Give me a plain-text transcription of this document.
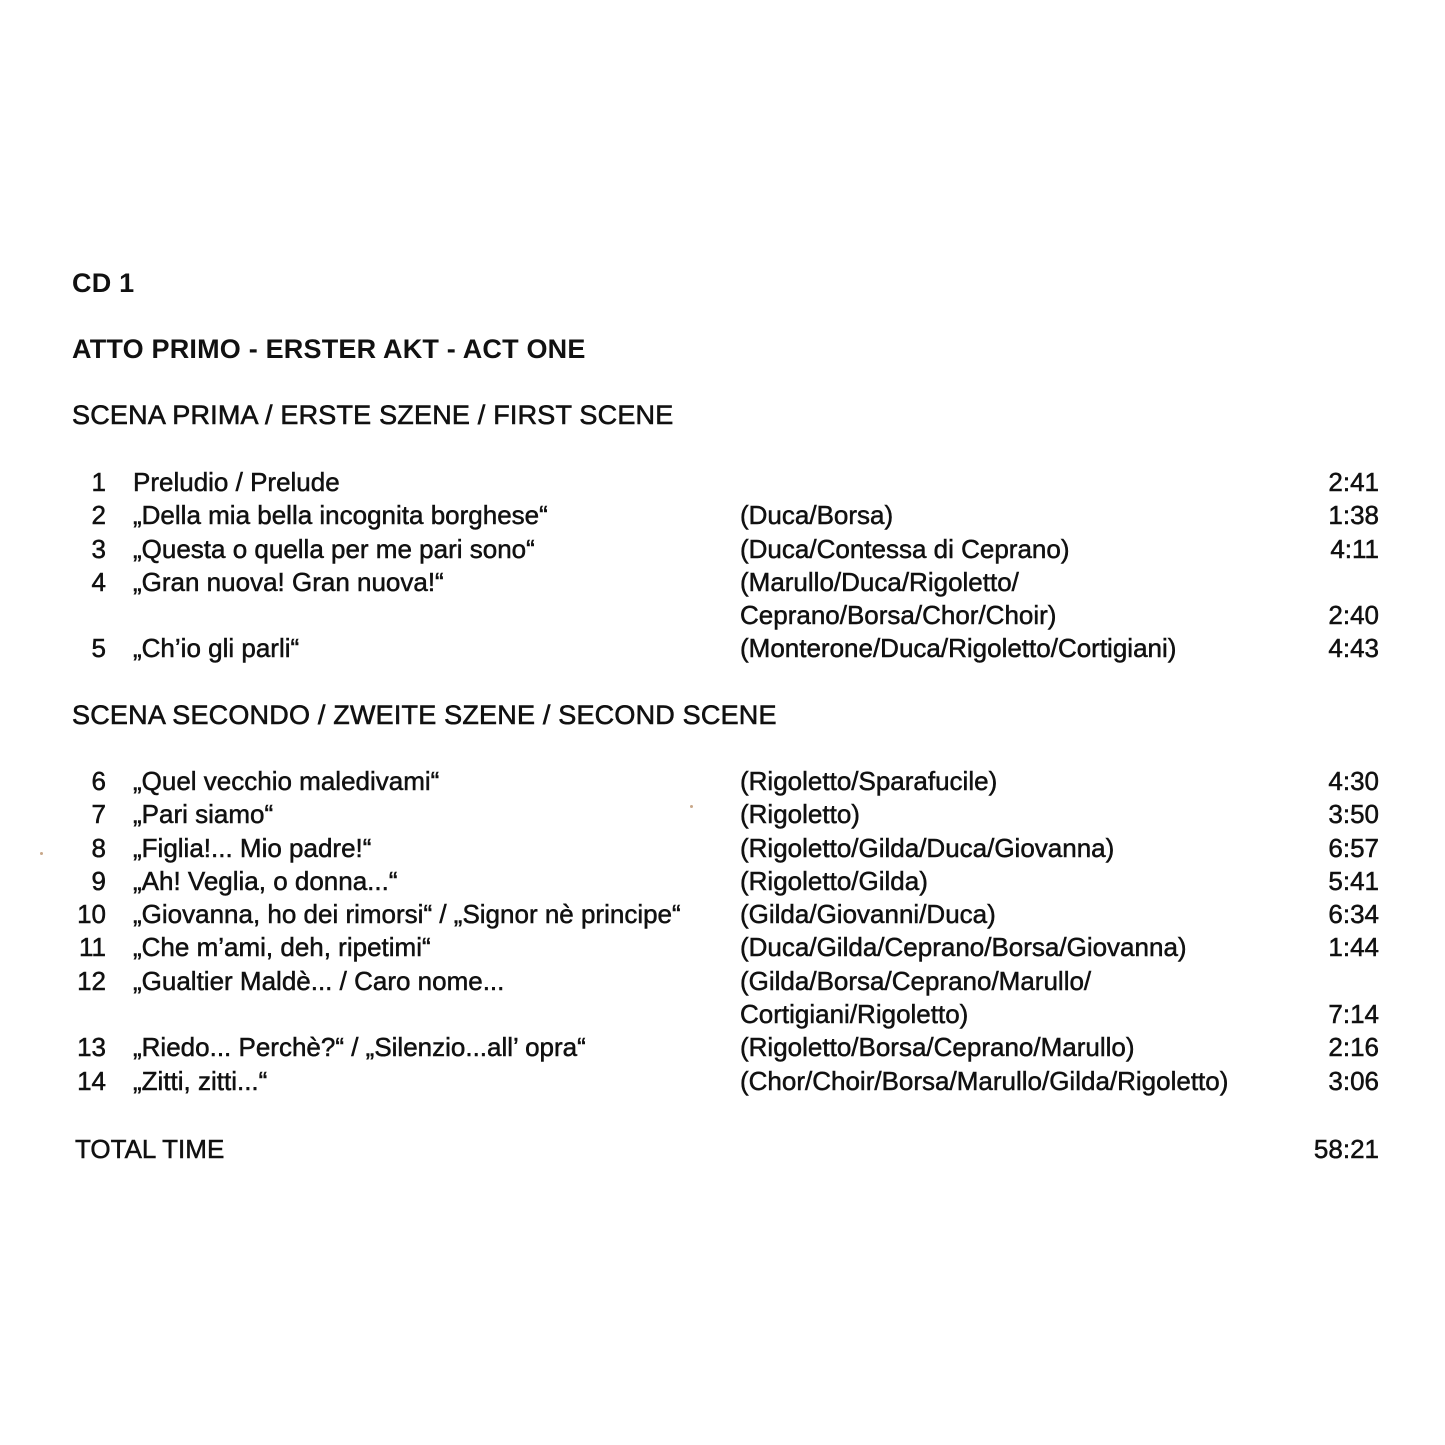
CD 1
ATTO PRIMO - ERSTER AKT - ACT ONE
SCENA PRIMA / ERSTE SZENE / FIRST SCENE
1 Preludio / Prelude	2:41
2 „Della mia bella incognita borghese“	(Duca/Borsa)	1:38
3 „Questa o quella per me pari sono“	(Duca/Contessa di Ceprano)	4:11
4 „Gran nuova! Gran nuova!“	(Marullo/Duca/Rigoletto/
Ceprano/Borsa/Chor/Choir)	2:40
5 „Ch’io gli parli“	(Monterone/Duca/Rigoletto/Cortigiani)	4:43
SCENA SECONDO / ZWEITE SZENE / SECOND SCENE
6 „Quel vecchio maledivami“	(Rigoletto/Sparafucile)	4:30
7 „Pari siamo“	(Rigoletto)	3:50
8 „Figlia!... Mio padre!“	(Rigoletto/Gilda/Duca/Giovanna)	6:57
9 „Ah! Veglia, o donna...“	(Rigoletto/Gilda)	5:41
10 „Giovanna, ho dei rimorsi“ / „Signor nè principe“ (Gilda/Giovanni/Duca)	6:34
11 „Che m’ami, deh, ripetimi“	(Duca/Gilda/Ceprano/Borsa/Giovanna)	1:44
12 „Gualtier Maldè... / Caro nome...	(Gilda/Borsa/Ceprano/Marullo/
Cortigiani/Rigoletto)	7:14
13 „Riedo... Perchè?“ / „Silenzio...all’ opra“	(Rigoletto/Borsa/Ceprano/Marullo)	2:16
14 „Zitti, zitti...“	(Chor/Choir/Borsa/Marullo/Gilda/Rigoletto)	3:06
TOTAL TIME	58:21
